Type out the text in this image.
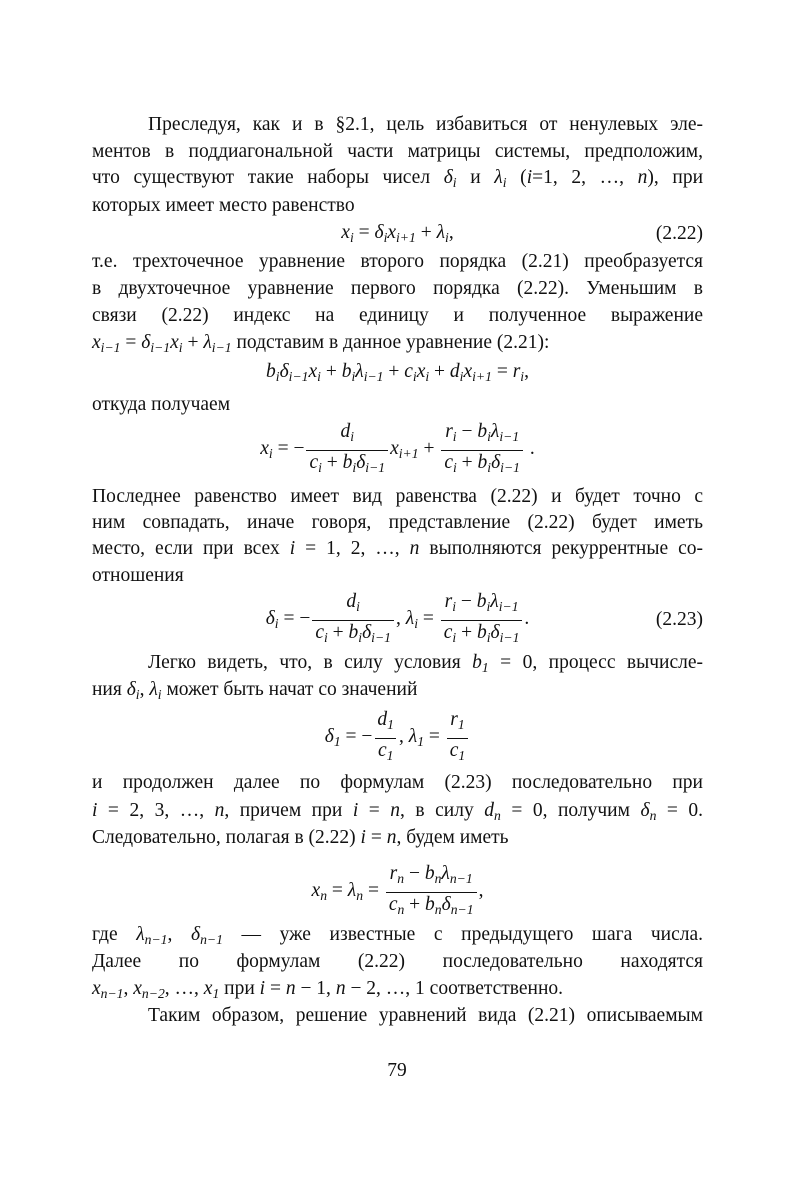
Преследуя, как и в §2.1, цель избавиться от ненулевых эле-
ментов в поддиагональной части матрицы системы, предположим,
что существуют такие наборы чисел $\delta_i$ и $\lambda_i$ (i=1, 2, …, n), при
которых имеет место равенство
$x_i = \delta_ix_{i+1} + \lambda_i$,	(2.22)
т.е. трехточечное уравнение второго порядка (2.21) преобразуется
в двухточечное уравнение первого порядка (2.22). Уменьшим в
связи (2.22) индекс на единицу и полученное выражение
$x_{i-1} = \delta_{i-1}x_i + \lambda_{i-1}$ подставим в данное уравнение (2.21):
$b_i\delta_{i-1}x_i + b_i\lambda_{i-1} + c_ix_i + d_ix_{i+1} = r_i$,
откуда получаем
$x_i$ = − $\frac{d_i}{c_i + b_i\delta_{i-1}} x_{i+1} + \frac{r_i - b_i\lambda_{i-1}}{c_i + b_i\delta_{i-1}}$ .
Последнее равенство имеет вид равенства (2.22) и будет точно с
ним совпадать, иначе говоря, представление (2.22) будет иметь
место, если при всех i = 1, 2, …, n выполняются рекуррентные со-
отношения
$\delta_i$ = − $\frac{d_i}{c_i + b_i\delta_{i-1}}$ , $\lambda_i = \frac{r_i - b_i\lambda_{i-1}}{c_i + b_i\delta_{i-1}}$ .	(2.23)
Легко видеть, что, в силу условия $b_1 = 0$, процесс вычисле-
ния $\delta_i$, $\lambda_i$ может быть начат со значений
$\delta_1$ = − $\frac{d_1}{c_1}$ , $\lambda_1 = \frac{r_1}{c_1}$
и продолжен далее по формулам (2.23) последовательно при
i = 2, 3, …, n, причем при i = n, в силу $d_n = 0$, получим $\delta_n = 0$.
Следовательно, полагая в (2.22) i = n, будем иметь
$x_n = \lambda_n = \frac{r_n - b_n\lambda_{n-1}}{c_n + b_n\delta_{n-1}}$ ,
где $\lambda_{n-1}$, $\delta_{n-1}$ — уже известные с предыдущего шага числа.
Далее по формулам (2.22) последовательно находятся
$x_{n-1}$, $x_{n-2}$, …, $x_1$ при i = n − 1, n − 2, …, 1 соответственно.
Таким образом, решение уравнений вида (2.21) описываемым
79
